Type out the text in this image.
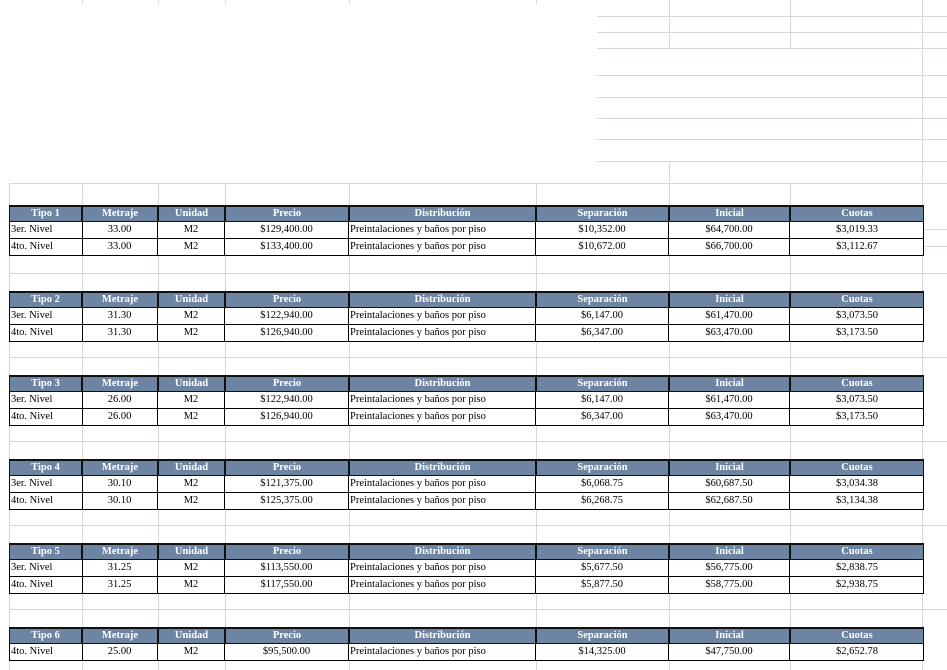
Tipo 1	Metraje	Unidad	Precio	Distribución	Separación	Inicial	Cuotas
3er. Nivel	33.00	M2	$129,400.00	Preintalaciones y baños por piso	$10,352.00	$64,700.00	$3,019.33
4to. Nivel	33.00	M2	$133,400.00	Preintalaciones y baños por piso	$10,672.00	$66,700.00	$3,112.67
Tipo 2	Metraje	Unidad	Precio	Distribución	Separación	Inicial	Cuotas
3er. Nivel	31.30	M2	$122,940.00	Preintalaciones y baños por piso	$6,147.00	$61,470.00	$3,073.50
4to. Nivel	31.30	M2	$126,940.00	Preintalaciones y baños por piso	$6,347.00	$63,470.00	$3,173.50
Tipo 3	Metraje	Unidad	Precio	Distribución	Separación	Inicial	Cuotas
3er. Nivel	26.00	M2	$122,940.00	Preintalaciones y baños por piso	$6,147.00	$61,470.00	$3,073.50
4to. Nivel	26.00	M2	$126,940.00	Preintalaciones y baños por piso	$6,347.00	$63,470.00	$3,173.50
Tipo 4	Metraje	Unidad	Precio	Distribución	Separación	Inicial	Cuotas
3er. Nivel	30.10	M2	$121,375.00	Preintalaciones y baños por piso	$6,068.75	$60,687.50	$3,034.38
4to. Nivel	30.10	M2	$125,375.00	Preintalaciones y baños por piso	$6,268.75	$62,687.50	$3,134.38
Tipo 5	Metraje	Unidad	Precio	Distribución	Separación	Inicial	Cuotas
3er. Nivel	31.25	M2	$113,550.00	Preintalaciones y baños por piso	$5,677.50	$56,775.00	$2,838.75
4to. Nivel	31.25	M2	$117,550.00	Preintalaciones y baños por piso	$5,877.50	$58,775.00	$2,938.75
Tipo 6	Metraje	Unidad	Precio	Distribución	Separación	Inicial	Cuotas
4to. Nivel	25.00	M2	$95,500.00	Preintalaciones y baños por piso	$14,325.00	$47,750.00	$2,652.78
